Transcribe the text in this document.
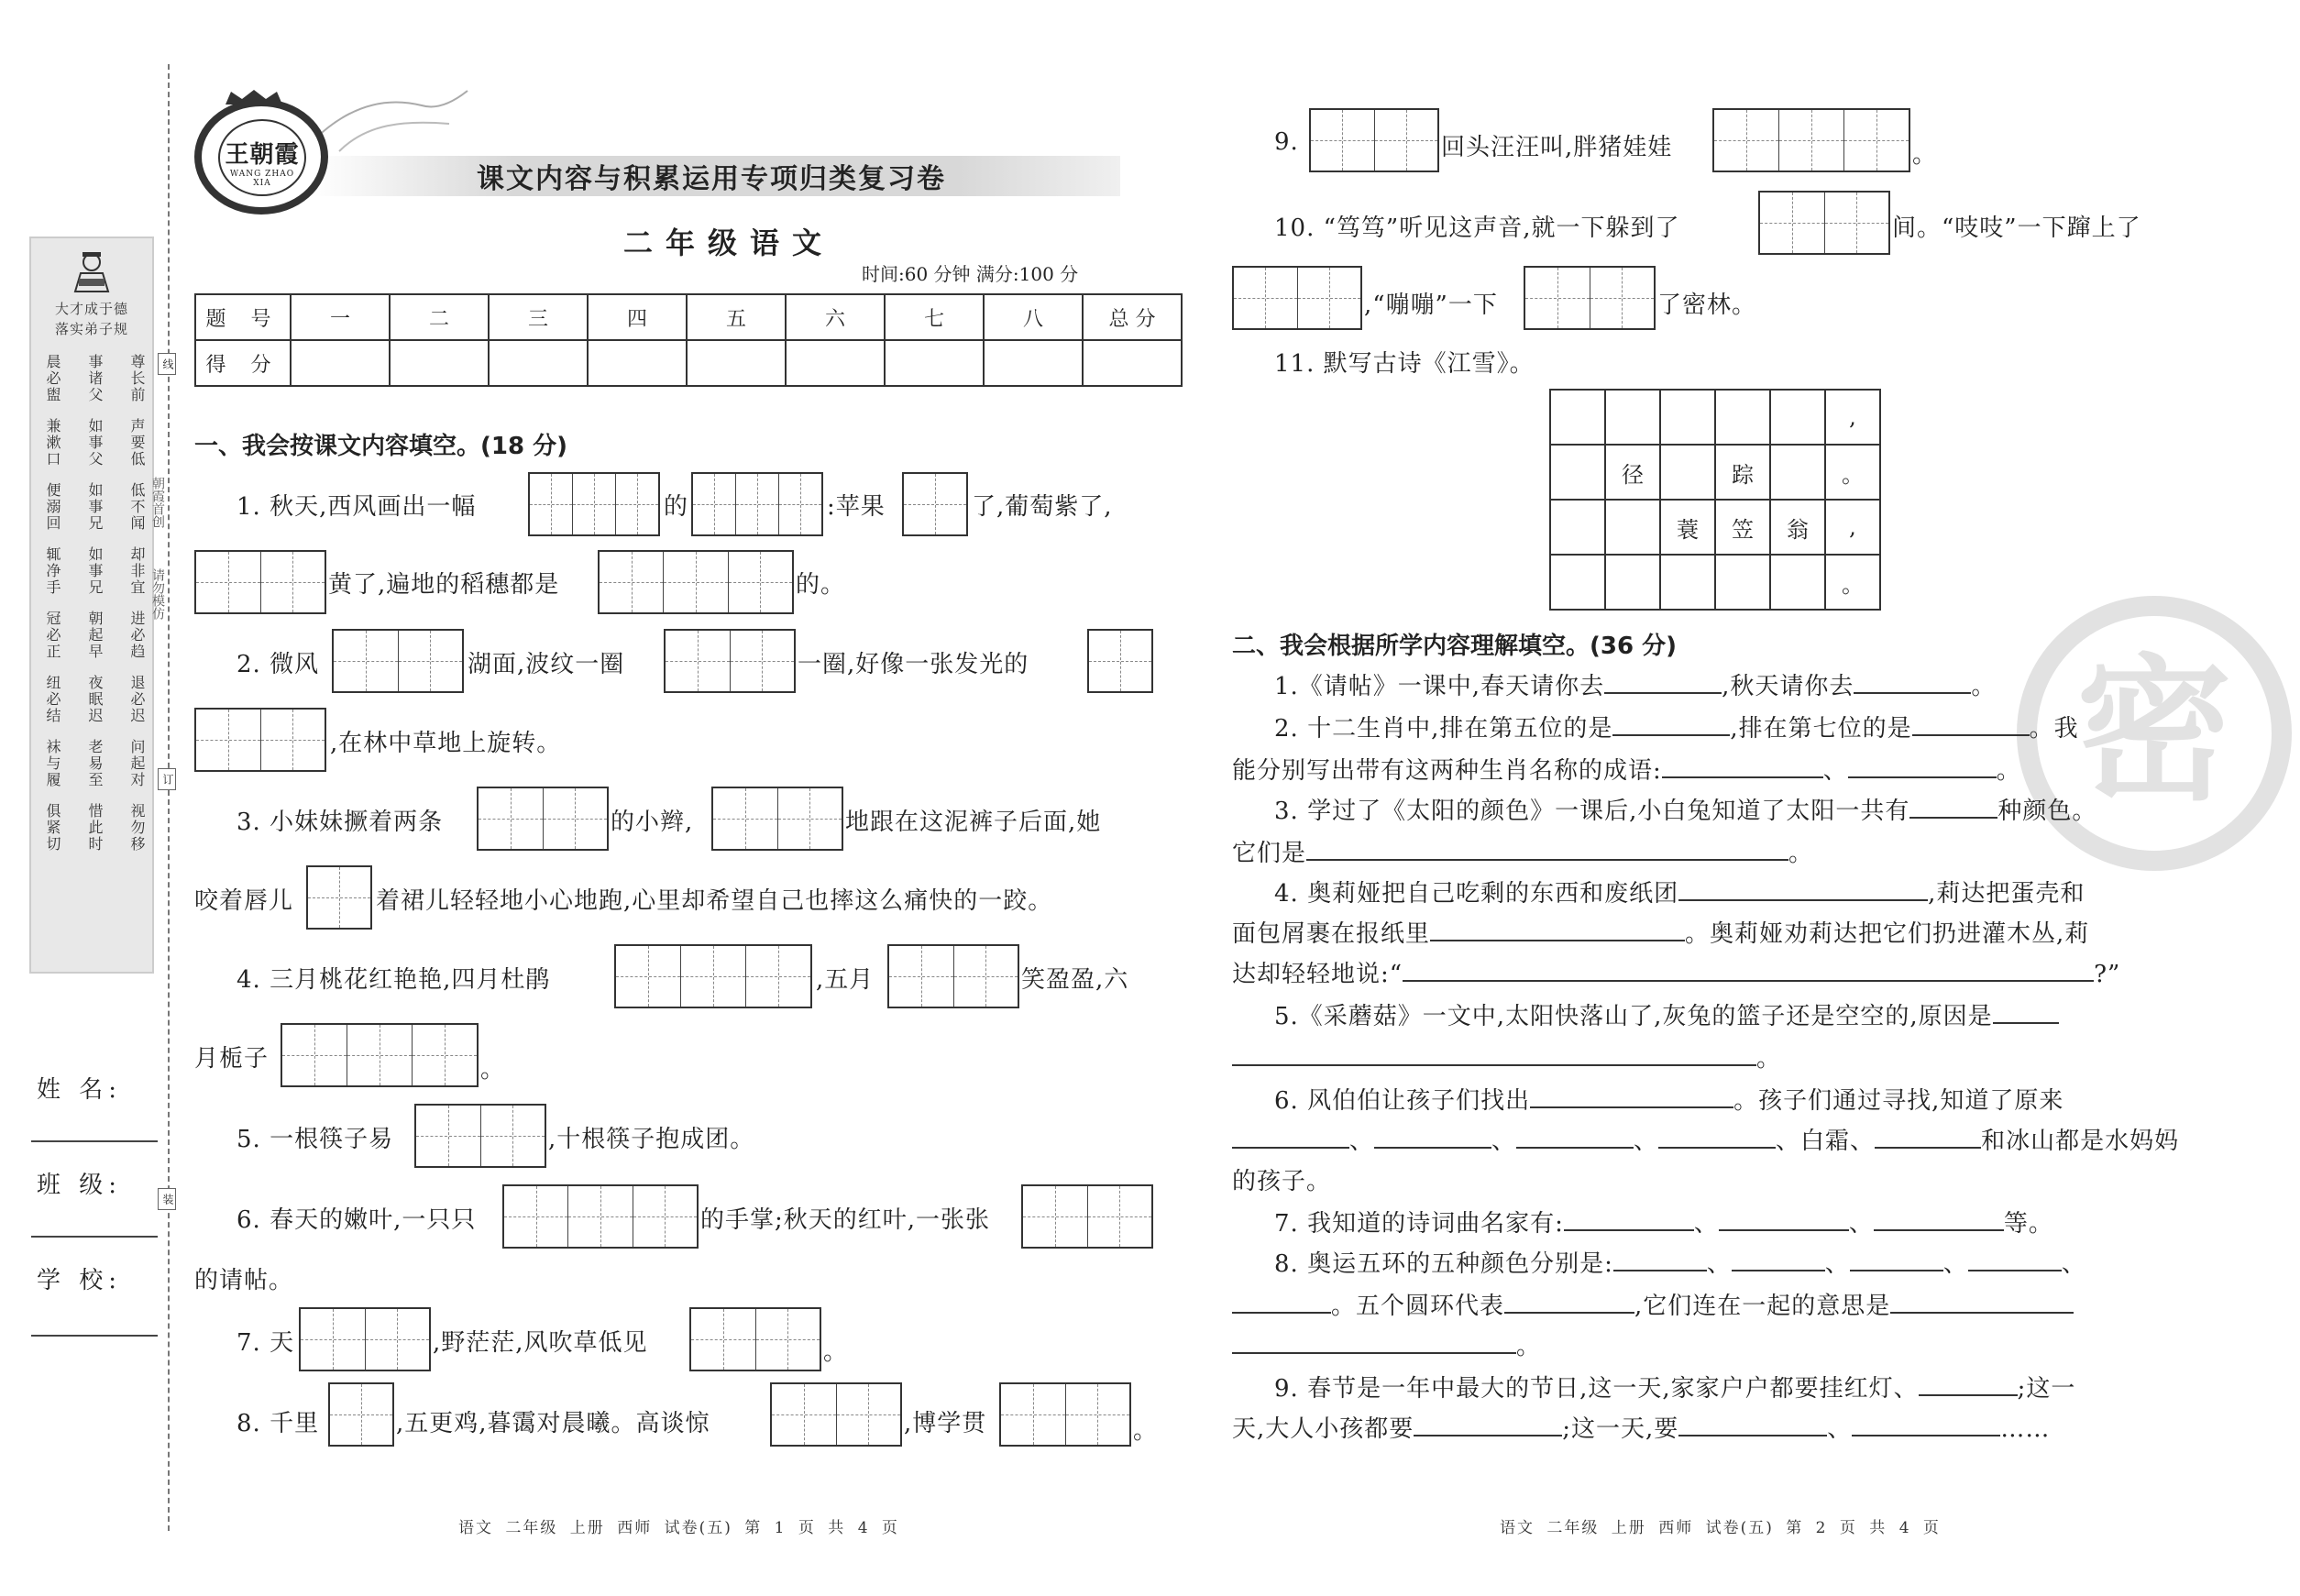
大才成于德
落实弟子规
晨必盥 事诸父 尊长前
兼漱口 如事父 声要低
便溺回 如事兄 低不闻
辄净手 如事兄 却非宜
冠必正 朝起早 进必趋
纽必结 夜眠迟 退必迟
袜与履 老易至 问起对
俱紧切 惜此时 视勿移
朝霞首创
请勿模仿
线
订
装
姓 名:
班 级:
学 校:
王朝霞
WANG ZHAO XIA	课文内容与积累运用专项归类复习卷
二年级语文
时间:60 分钟 满分:100 分
题 号	一	二	三	四	五	六	七	八	总 分
得 分									
一、我会按课文内容填空。(18 分)
1. 秋天,西风画出一幅	的	:苹果	了,葡萄紫了,
黄了,遍地的稻穗都是	的。
2. 微风	湖面,波纹一圈	一圈,好像一张发光的
,在林中草地上旋转。
3. 小妹妹撅着两条	的小辫,	地跟在这泥裤子后面,她
咬着唇儿	着裙儿轻轻地小心地跑,心里却希望自己也摔这么痛快的一跤。
4. 三月桃花红艳艳,四月杜鹃	,五月	笑盈盈,六
月栀子	。
5. 一根筷子易	,十根筷子抱成团。
6. 春天的嫩叶,一只只	的手掌;秋天的红叶,一张张
的请帖。
7. 天	,野茫茫,风吹草低见	。
8. 千里	,五更鸡,暮霭对晨曦。高谈惊	,博学贯	。
语文 二年级 上册 西师 试卷(五) 第 1 页 共 4 页
9.	回头汪汪叫,胖猪娃娃	。
10. “笃笃”听见这声音,就一下躲到了	间。“吱吱”一下蹿上了
,“嘣嘣”一下	了密林。
11. 默写古诗《江雪》。
					,
	径		踪		。
		蓑	笠	翁	,
					。
密
二、我会根据所学内容理解填空。(36 分)
1.《请帖》一课中,春天请你去	,秋天请你去	。
2. 十二生肖中,排在第五位的是	,排在第七位的是	。我
能分别写出带有这两种生肖名称的成语:	、	。
3. 学过了《太阳的颜色》一课后,小白兔知道了太阳一共有	种颜色。
它们是	。
4. 奥莉娅把自己吃剩的东西和废纸团	,莉达把蛋壳和
面包屑裹在报纸里	。奥莉娅劝莉达把它们扔进灌木丛,莉
达却轻轻地说:“	?”
5.《采蘑菇》一文中,太阳快落山了,灰兔的篮子还是空空的,原因是
。
6. 风伯伯让孩子们找出	。孩子们通过寻找,知道了原来
、	、	、	、白霜、	和冰山都是水妈妈
的孩子。
7. 我知道的诗词曲名家有:	、	、	等。
8. 奥运五环的五种颜色分别是:	、	、	、	、
。五个圆环代表	,它们连在一起的意思是
。
9. 春节是一年中最大的节日,这一天,家家户户都要挂红灯、	;这一
天,大人小孩都要	;这一天,要	、	……
语文 二年级 上册 西师 试卷(五) 第 2 页 共 4 页
